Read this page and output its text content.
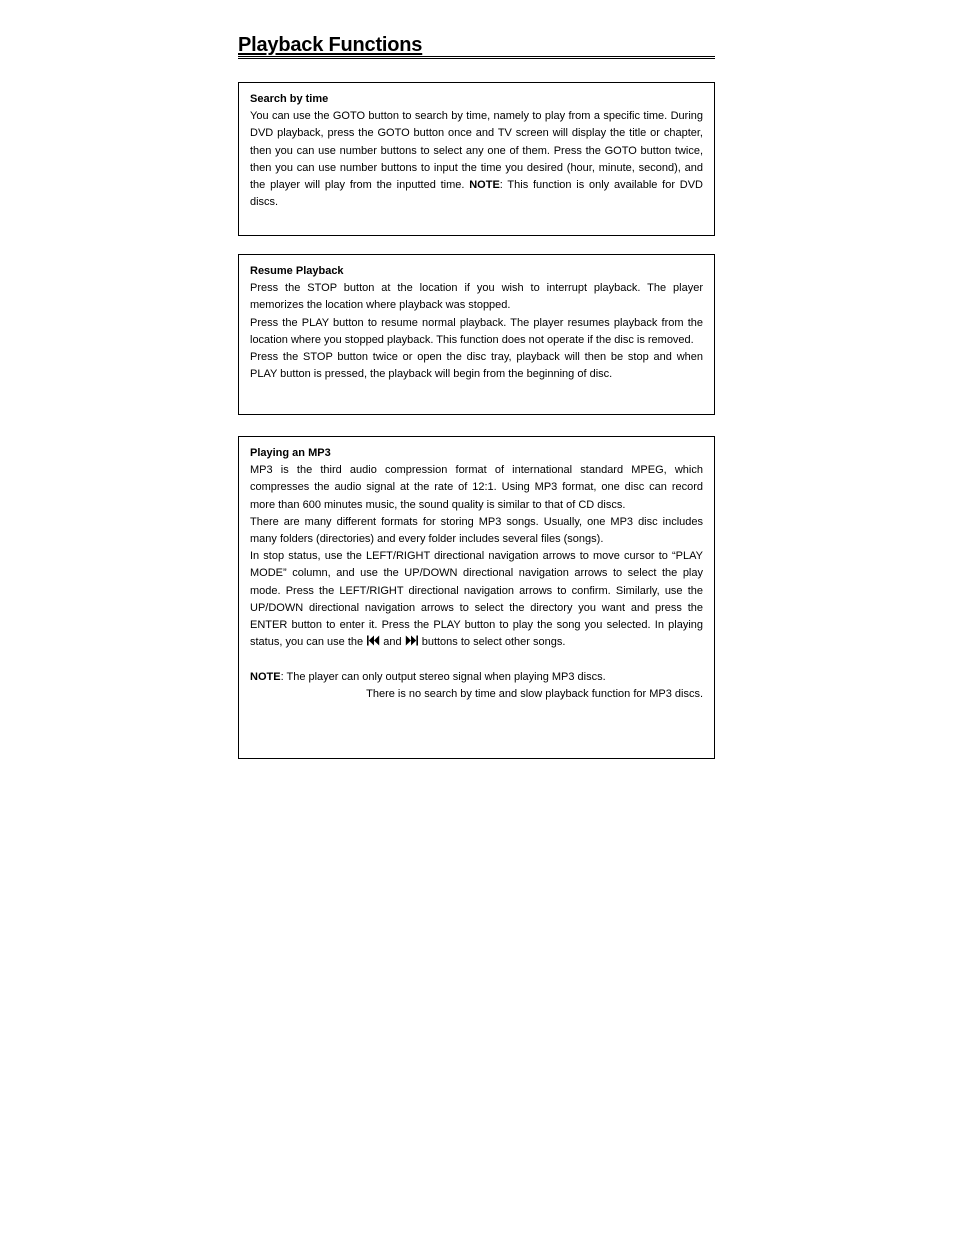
Playback Functions
Search by time
You can use the GOTO button to search by time, namely to play from a specific time. During DVD playback, press the GOTO button once and TV screen will display the title or chapter, then you can use number buttons to select any one of them. Press the GOTO button twice, then you can use number buttons to input the time you desired (hour, minute, second), and the player will play from the inputted time. NOTE: This function is only available for DVD discs.
Resume Playback
Press the STOP button at the location if you wish to interrupt playback. The player memorizes the location where playback was stopped.
Press the PLAY button to resume normal playback. The player resumes playback from the location where you stopped playback. This function does not operate if the disc is removed.
Press the STOP button twice or open the disc tray, playback will then be stop and when PLAY button is pressed, the playback will begin from the beginning of disc.
Playing an MP3
MP3 is the third audio compression format of international standard MPEG, which compresses the audio signal at the rate of 12:1. Using MP3 format, one disc can record more than 600 minutes music, the sound quality is similar to that of CD discs.
There are many different formats for storing MP3 songs. Usually, one MP3 disc includes many folders (directories) and every folder includes several files (songs).
In stop status, use the LEFT/RIGHT directional navigation arrows to move cursor to “PLAY MODE” column, and use the UP/DOWN directional navigation arrows to select the play mode. Press the LEFT/RIGHT directional navigation arrows to confirm. Similarly, use the UP/DOWN directional navigation arrows to select the directory you want and press the ENTER button to enter it. Press the PLAY button to play the song you selected. In playing status, you can use the  and  buttons to select other songs.
NOTE: The player can only output stereo signal when playing MP3 discs.
There is no search by time and slow playback function for MP3 discs.
